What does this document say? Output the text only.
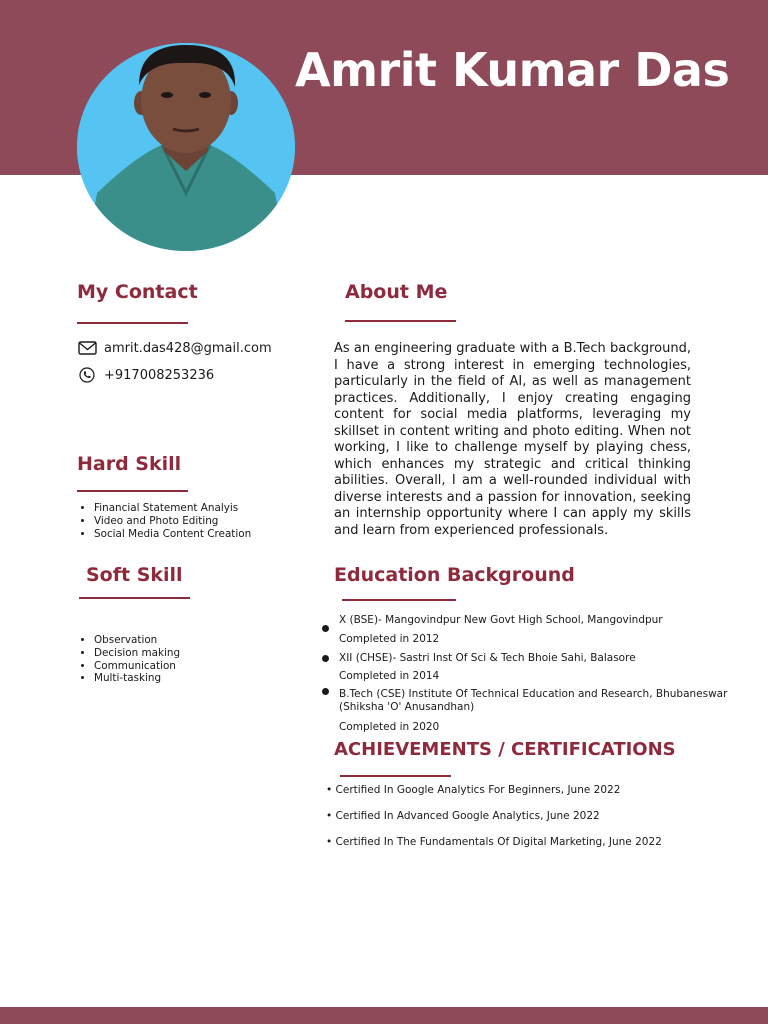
Amrit Kumar Das
My Contact
amrit.das428@gmail.com
+917008253236
About Me
As an engineering graduate with a B.Tech background, I have a strong interest in emerging technologies, particularly in the field of AI, as well as management practices. Additionally, I enjoy creating engaging content for social media platforms, leveraging my skillset in content writing and photo editing. When not working, I like to challenge myself by playing chess, which enhances my strategic and critical thinking abilities. Overall, I am a well-rounded individual with diverse interests and a passion for innovation, seeking an internship opportunity where I can apply my skills and learn from experienced professionals.
Hard Skill
• Financial Statement Analyis
• Video and Photo Editing
• Social Media Content Creation
Soft Skill
• Observation
• Decision making
• Communication
• Multi-tasking
Education Background
X (BSE)- Mangovindpur New Govt High School, Mangovindpur
Completed in 2012
XII (CHSE)- Sastri Inst Of Sci & Tech Bhoie Sahi, Balasore
Completed in 2014
B.Tech (CSE) Institute Of Technical Education and Research, Bhubaneswar (Shiksha 'O' Anusandhan)
Completed in 2020
ACHIEVEMENTS / CERTIFICATIONS
• Certified In Google Analytics For Beginners, June 2022
• Certified In Advanced Google Analytics, June 2022
• Certified In The Fundamentals Of Digital Marketing, June 2022
